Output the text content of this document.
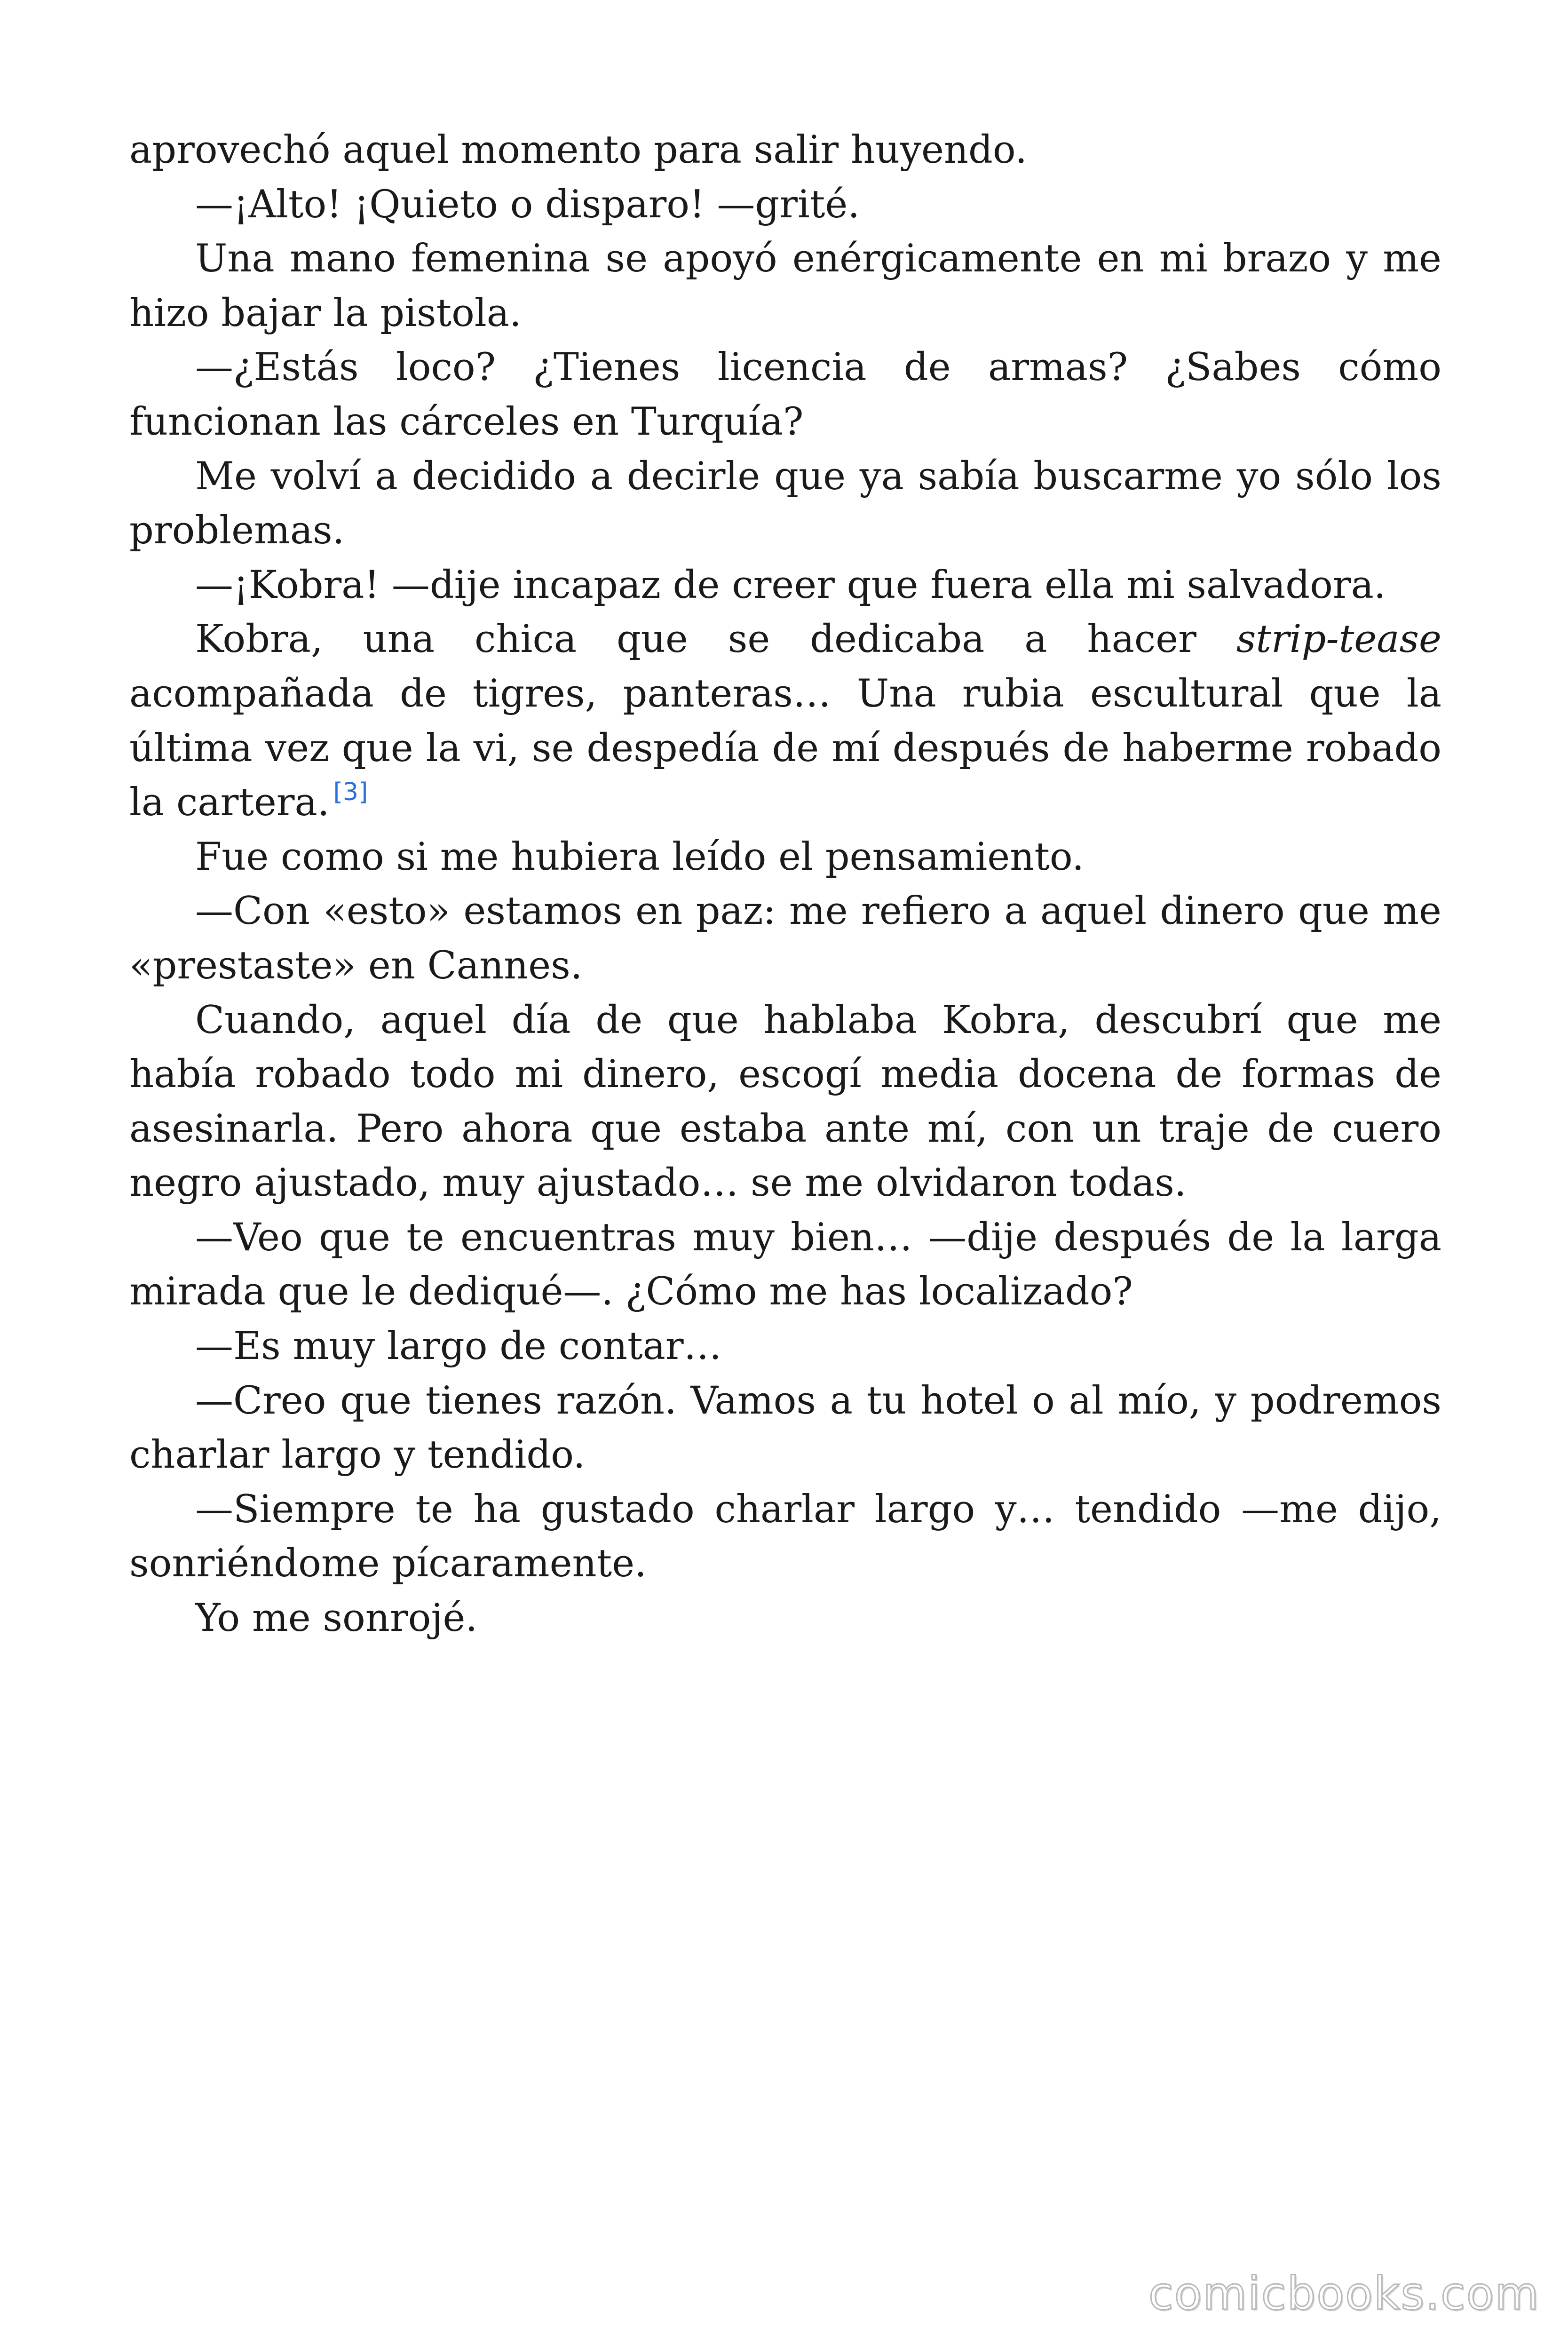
aprovechó aquel momento para salir huyendo.

—¡Alto! ¡Quieto o disparo! —grité.

Una mano femenina se apoyó enérgicamente en mi brazo y me hizo bajar la pistola.

—¿Estás loco? ¿Tienes licencia de armas? ¿Sabes cómo funcionan las cárceles en Turquía?

Me volví a decidido a decirle que ya sabía buscarme yo sólo los problemas.

—¡Kobra! —dije incapaz de creer que fuera ella mi salvadora.

Kobra, una chica que se dedicaba a hacer strip-tease acompañada de tigres, panteras… Una rubia escultural que la última vez que la vi, se despedía de mí después de haberme robado la cartera. [3]

Fue como si me hubiera leído el pensamiento.

—Con «esto» estamos en paz: me refiero a aquel dinero que me «prestaste» en Cannes.

Cuando, aquel día de que hablaba Kobra, descubrí que me había robado todo mi dinero, escogí media docena de formas de asesinarla. Pero ahora que estaba ante mí, con un traje de cuero negro ajustado, muy ajustado… se me olvidaron todas.

—Veo que te encuentras muy bien… —dije después de la larga mirada que le dediqué—. ¿Cómo me has localizado?

—Es muy largo de contar…

—Creo que tienes razón. Vamos a tu hotel o al mío, y podremos charlar largo y tendido.

—Siempre te ha gustado charlar largo y… tendido —me dijo, sonriéndome pícaramente.

Yo me sonrojé.

comicbooks.com
